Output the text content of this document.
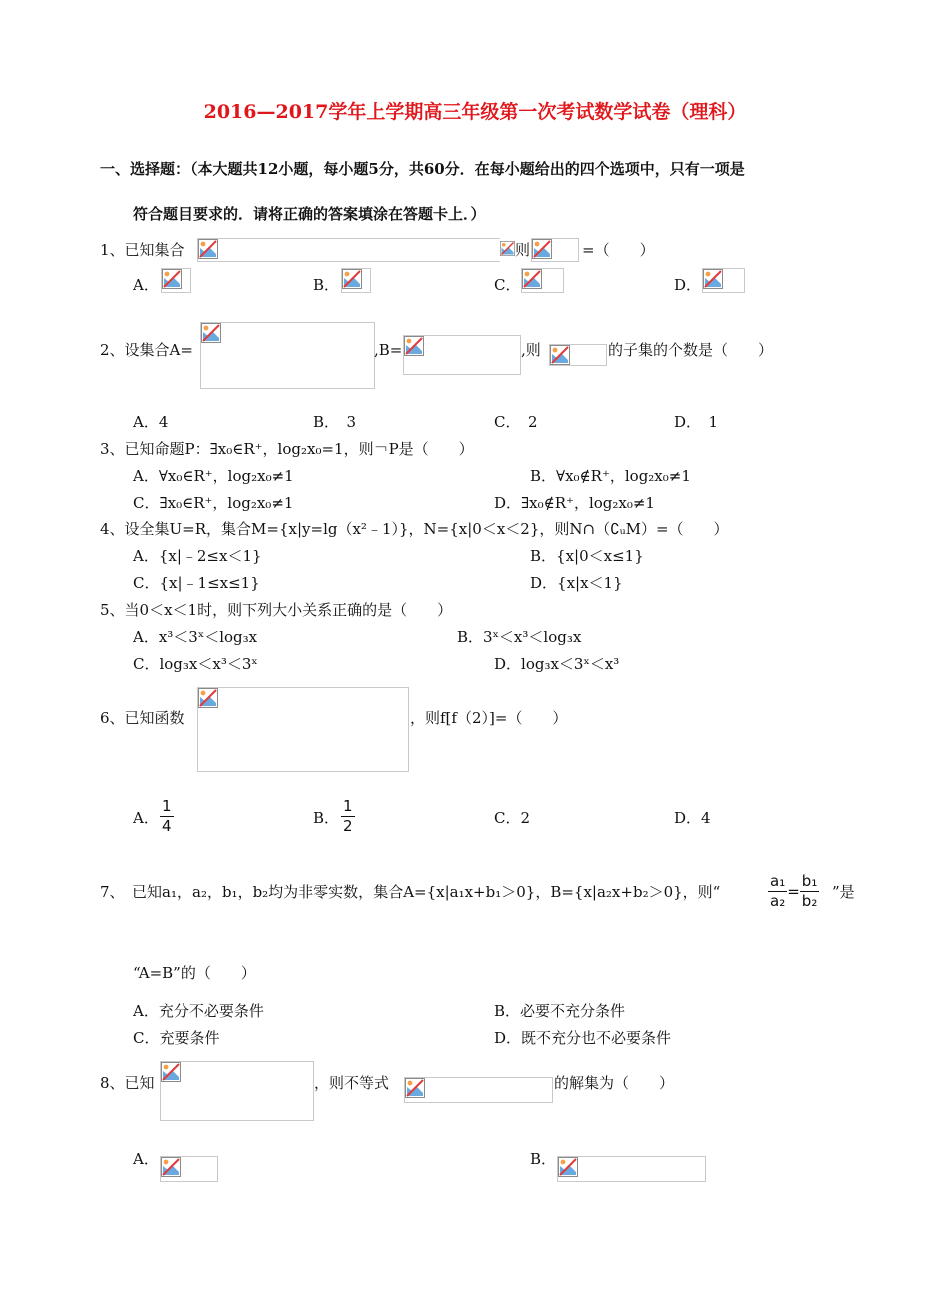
2016—2017学年上学期高三年级第一次考试数学试卷（理科）
一、选择题：（本大题共12小题，每小题5分，共60分．在每小题给出的四个选项中，只有一项是
符合题目要求的．请将正确的答案填涂在答题卡上．）
1、已知集合	则	=（　　）
A．	B．	C．	D．
2、设集合A=	,B=	,则	的子集的个数是（　　）
A．4	B．　3	C．　2	D．　1
3、已知命题P：∃x₀∈R⁺，log₂x₀=1，则￢P是（　　）
A．∀x₀∈R⁺，log₂x₀≠1	B．∀x₀∉R⁺，log₂x₀≠1
C．∃x₀∈R⁺，log₂x₀≠1	D．∃x₀∉R⁺，log₂x₀≠1
4、设全集U=R，集合M={x|y=lg（x²﹣1）}，N={x|0＜x＜2}，则N∩（∁ᵤM）=（　　）
A．{x|﹣2≤x＜1}	B．{x|0＜x≤1}
C．{x|﹣1≤x≤1}	D．{x|x＜1}
5、当0＜x＜1时，则下列大小关系正确的是（　　）
A．x³＜3ˣ＜log₃x	B．3ˣ＜x³＜log₃x
C．log₃x＜x³＜3ˣ	D．log₃x＜3ˣ＜x³
6、已知函数	，则f[f（2）]=（　　）
A． $\frac{1}{4}$	B． $\frac{1}{2}$	C．2	D．4
7、　已知a₁，a₂，b₁，b₂均为非零实数，集合A={x|a₁x+b₁＞0}，B={x|a₂x+b₂＞0}，则“	$\frac{\text{a₁}}{\text{a₂}} = \frac{\text{b₁}}{\text{b₂}}$ ”是
“A=B”的（　　）
A．充分不必要条件	B．必要不充分条件
C．充要条件	D．既不充分也不必要条件
8、已知	，则不等式	的解集为（　　）
A．	B．
